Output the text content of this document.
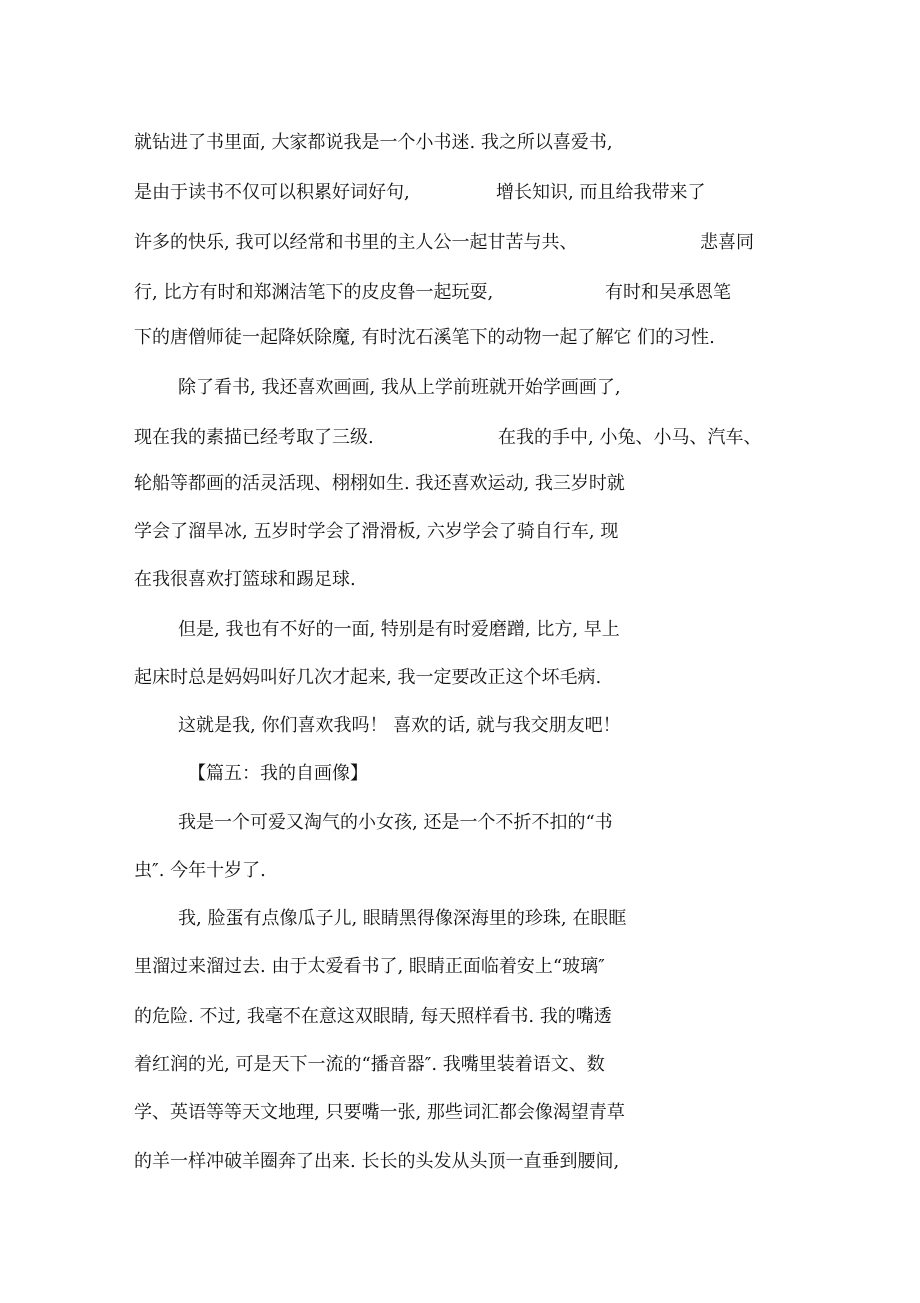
就钻进了书里面, 大家都说我是一个小书迷. 我之所以喜爱书,

是由于读书不仅可以积累好词好句,

	增长知识, 而且给我带来了

许多的快乐, 我可以经常和书里的主人公一起甘苦与共、

	悲喜同

行, 比方有时和郑渊洁笔下的皮皮鲁一起玩耍,

	有时和吴承恩笔

下的唐僧师徒一起降妖除魔, 有时沈石溪笔下的动物一起了解它 们的习性.

除了看书, 我还喜欢画画, 我从上学前班就开始学画画了,

现在我的素描已经考取了三级.

	在我的手中, 小兔、小马、汽车、

轮船等都画的活灵活现、栩栩如生. 我还喜欢运动, 我三岁时就

学会了溜旱冰, 五岁时学会了滑滑板, 六岁学会了骑自行车, 现

在我很喜欢打篮球和踢足球.

但是, 我也有不好的一面, 特别是有时爱磨蹭, 比方, 早上

起床时总是妈妈叫好几次才起来, 我一定要改正这个坏毛病.

这就是我, 你们喜欢我吗！ 喜欢的话, 就与我交朋友吧！

【篇五：我的自画像】

我是一个可爱又淘气的小女孩, 还是一个不折不扣的“书

虫″. 今年十岁了.

我, 脸蛋有点像瓜子儿, 眼睛黑得像深海里的珍珠, 在眼眶

里溜过来溜过去. 由于太爱看书了, 眼睛正面临着安上“玻璃″

的危险. 不过, 我毫不在意这双眼睛, 每天照样看书. 我的嘴透

着红润的光, 可是天下一流的“播音器″. 我嘴里装着语文、数

学、英语等等天文地理, 只要嘴一张, 那些词汇都会像渴望青草

的羊一样冲破羊圈奔了出来. 长长的头发从头顶一直垂到腰间,
